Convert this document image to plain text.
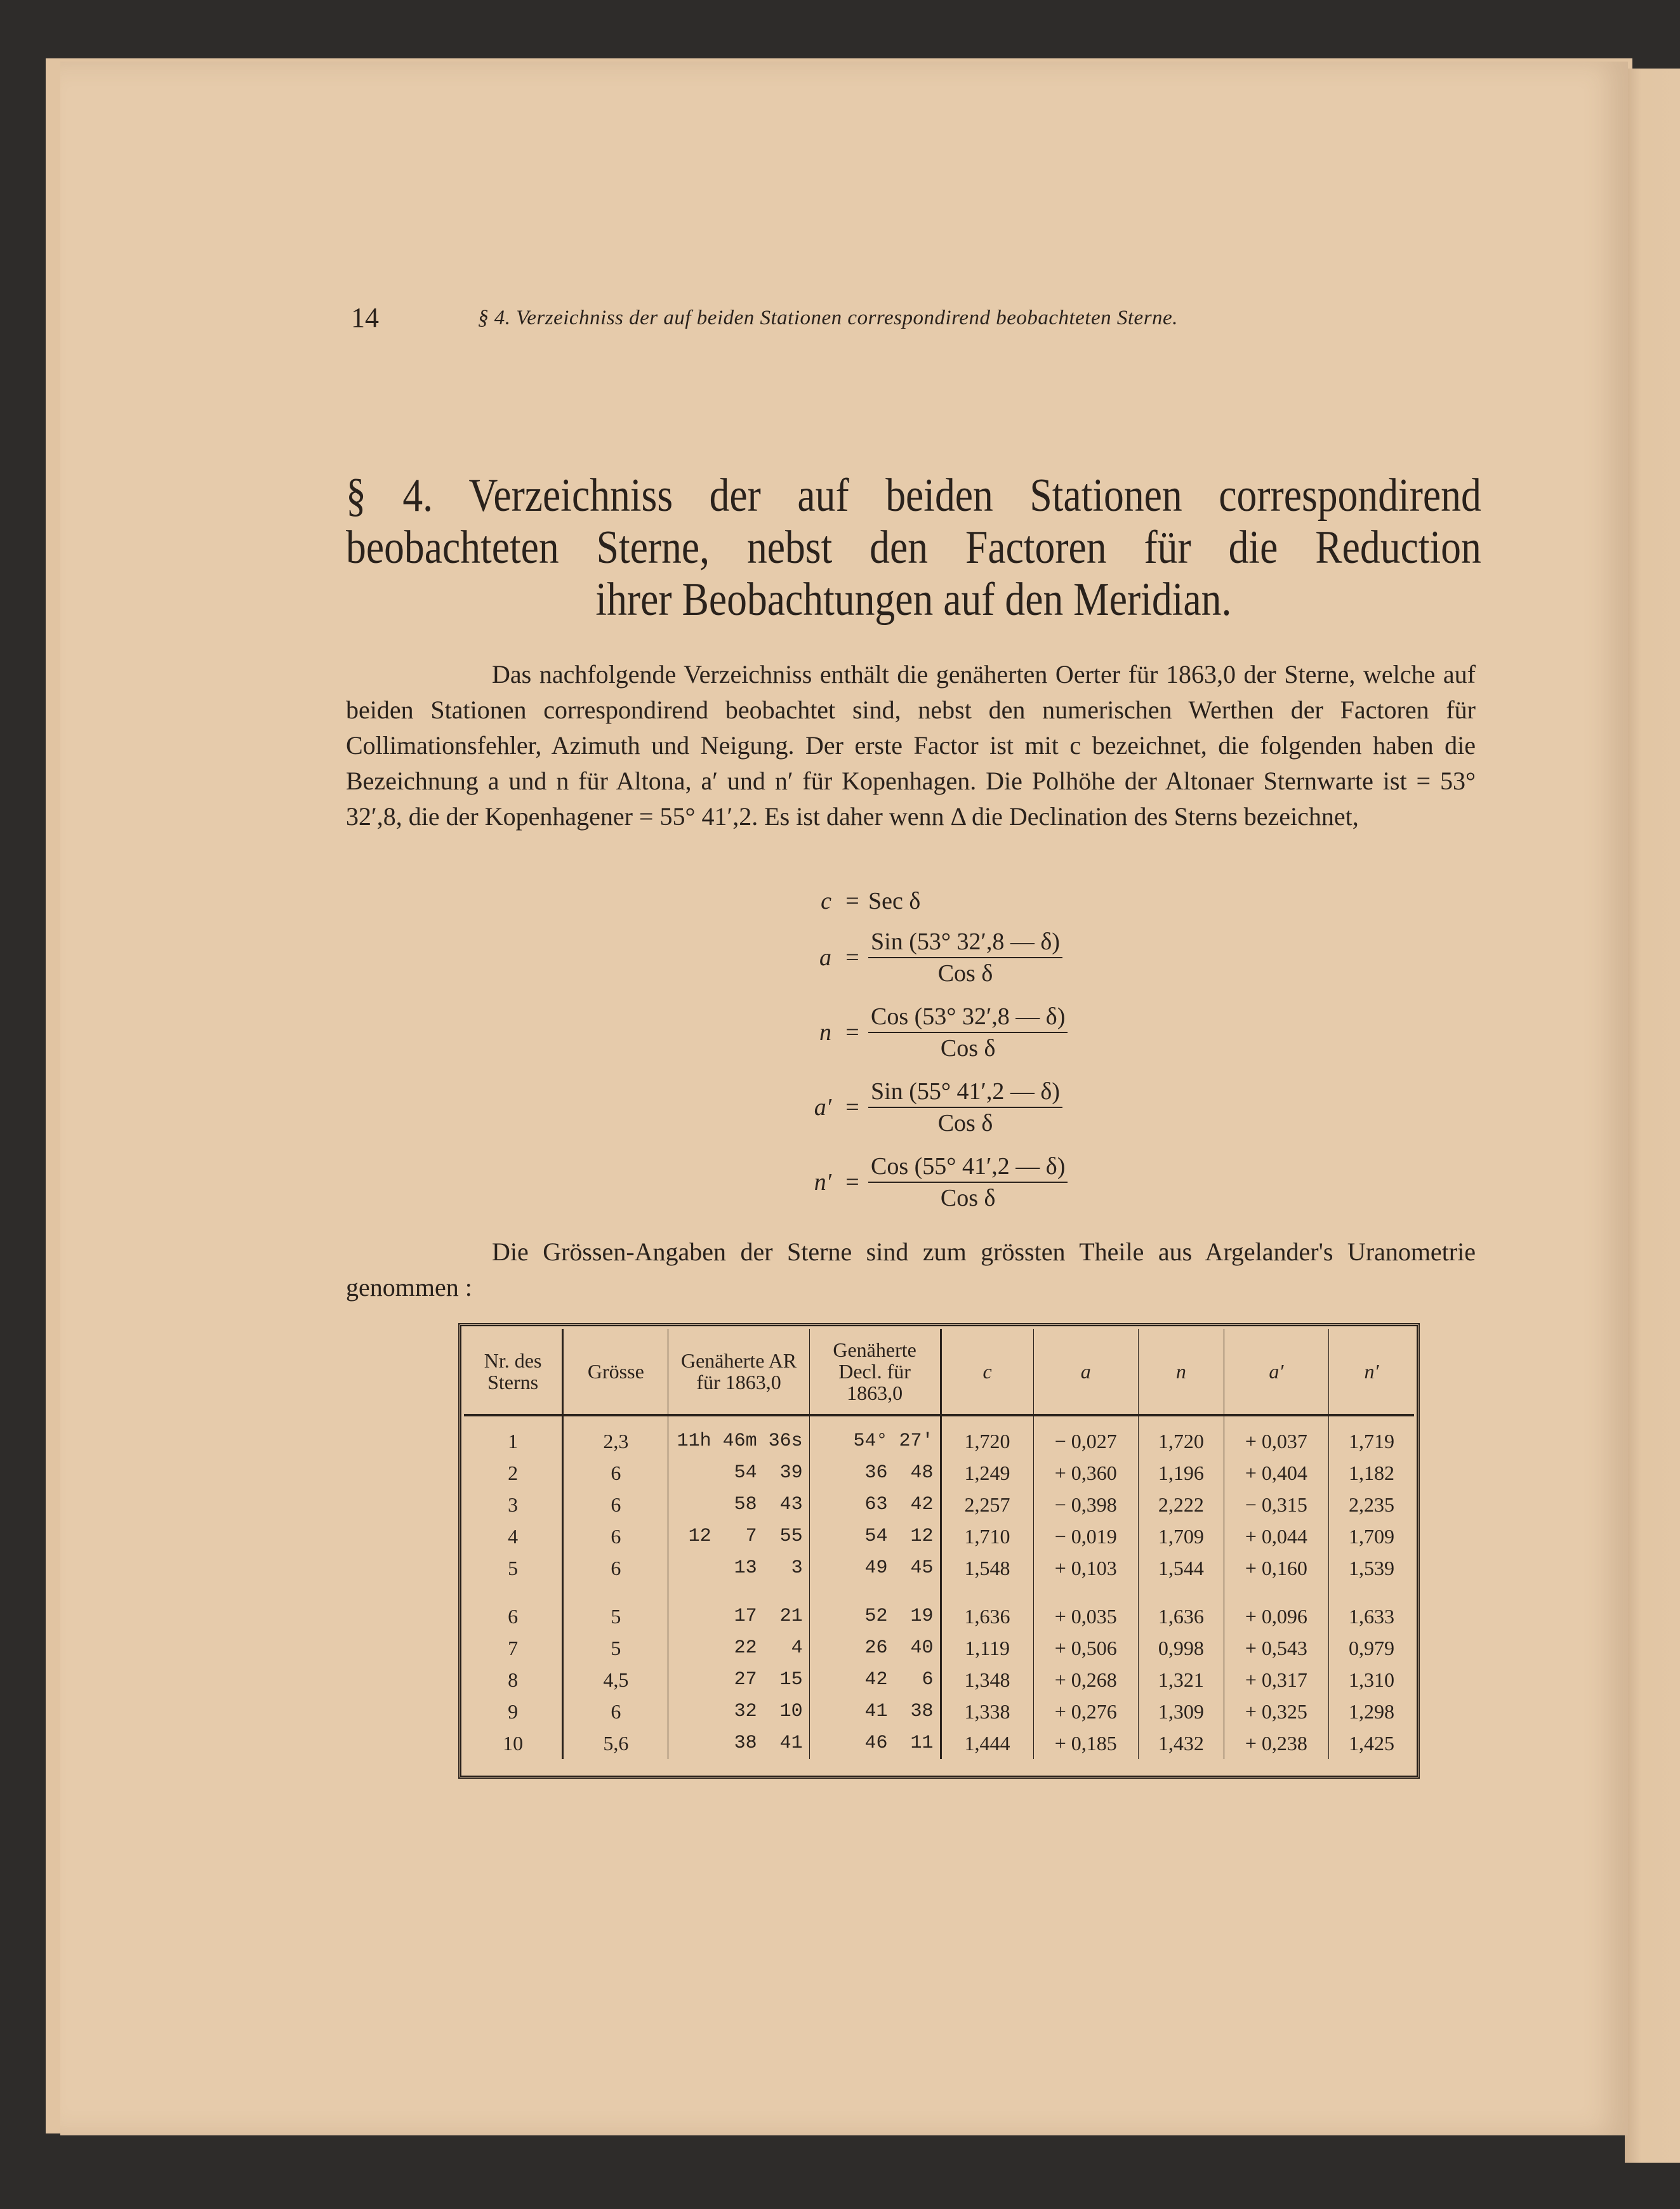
14	§ 4. Verzeichniss der auf beiden Stationen correspondirend beobachteten Sterne.
§ 4. Verzeichniss der auf beiden Stationen correspondirend
beobachteten Sterne, nebst den Factoren für die Reduction
ihrer Beobachtungen auf den Meridian.

Das nachfolgende Verzeichniss enthält die genäherten Oerter für 1863,0 der Sterne, welche auf beiden Stationen correspondirend beobachtet sind, nebst den numerischen Werthen der Factoren für Collimationsfehler, Azimuth und Neigung. Der erste Factor ist mit c bezeichnet, die folgenden haben die Bezeichnung a und n für Altona, a′ und n′ für Kopenhagen. Die Polhöhe der Altonaer Sternwarte ist = 53° 32′,8, die der Kopenhagener = 55° 41′,2. Es ist daher wenn Δ die Declination des Sterns bezeichnet,

c = Sec δ
$a = \frac{\text{Sin (53° 32′,8 — δ)}}{\text{Cos δ}}$
$n = \frac{\text{Cos (53° 32′,8 — δ)}}{\text{Cos δ}}$
$a' = \frac{\text{Sin (55° 41′,2 — δ)}}{\text{Cos δ}}$
$n' = \frac{\text{Cos (55° 41′,2 — δ)}}{\text{Cos δ}}$

Die Grössen-Angaben der Sterne sind zum grössten Theile aus Argelander's Uranometrie genommen :

Nr. des Sterns	Grösse	Genäherte AR für 1863,0	Genäherte Decl. für 1863,0	c	a	n	a′	n′
1	2,3	11h 46m 36s	54° 27′	1,720	− 0,027	1,720	+ 0,037	1,719
2	6	54  39	36  48	1,249	+ 0,360	1,196	+ 0,404	1,182
3	6	58  43	63  42	2,257	− 0,398	2,222	− 0,315	2,235
4	6	12   7  55	54  12	1,710	− 0,019	1,709	+ 0,044	1,709
5	6	13   3	49  45	1,548	+ 0,103	1,544	+ 0,160	1,539
6	5	17  21	52  19	1,636	+ 0,035	1,636	+ 0,096	1,633
7	5	22   4	26  40	1,119	+ 0,506	0,998	+ 0,543	0,979
8	4,5	27  15	42   6	1,348	+ 0,268	1,321	+ 0,317	1,310
9	6	32  10	41  38	1,338	+ 0,276	1,309	+ 0,325	1,298
10	5,6	38  41	46  11	1,444	+ 0,185	1,432	+ 0,238	1,425
